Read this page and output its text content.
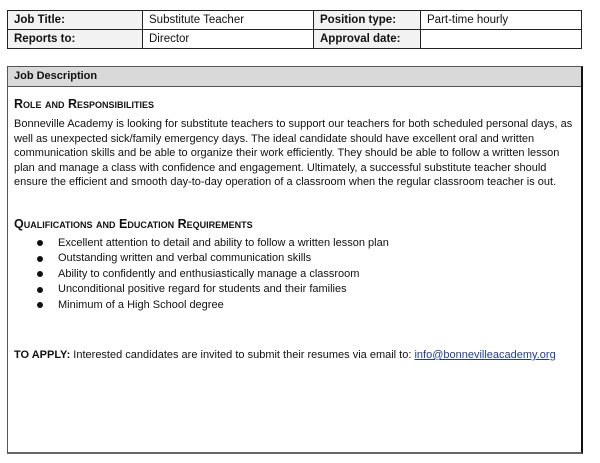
Job Title:	Substitute Teacher	Position type:	Part-time hourly
Reports to:	Director	Approval date:	
Job Description
Role and Responsibilities
Bonneville Academy is looking for substitute teachers to support our teachers for both scheduled personal days, as well as unexpected sick/family emergency days. The ideal candidate should have excellent oral and written communication skills and be able to organize their work efficiently. They should be able to follow a written lesson plan and manage a class with confidence and engagement. Ultimately, a successful substitute teacher should ensure the efficient and smooth day-to-day operation of a classroom when the regular classroom teacher is out.
Qualifications and Education Requirements
Excellent attention to detail and ability to follow a written lesson plan
Outstanding written and verbal communication skills
Ability to confidently and enthusiastically manage a classroom
Unconditional positive regard for students and their families
Minimum of a High School degree
TO APPLY: Interested candidates are invited to submit their resumes via email to: info@bonnevilleacademy.org
